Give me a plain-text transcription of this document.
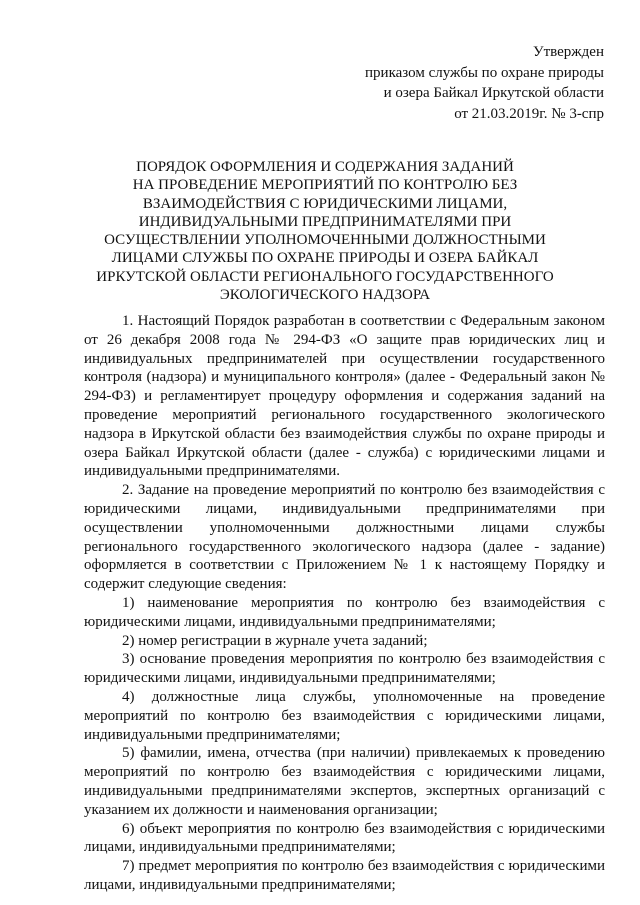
Утвержден
приказом службы по охране природы
и озера Байкал Иркутской области
от 21.03.2019г. № 3-спр
ПОРЯДОК ОФОРМЛЕНИЯ И СОДЕРЖАНИЯ ЗАДАНИЙ
НА ПРОВЕДЕНИЕ МЕРОПРИЯТИЙ ПО КОНТРОЛЮ БЕЗ
ВЗАИМОДЕЙСТВИЯ С ЮРИДИЧЕСКИМИ ЛИЦАМИ,
ИНДИВИДУАЛЬНЫМИ ПРЕДПРИНИМАТЕЛЯМИ ПРИ
ОСУЩЕСТВЛЕНИИ УПОЛНОМОЧЕННЫМИ ДОЛЖНОСТНЫМИ
ЛИЦАМИ СЛУЖБЫ ПО ОХРАНЕ ПРИРОДЫ И ОЗЕРА БАЙКАЛ
ИРКУТСКОЙ ОБЛАСТИ РЕГИОНАЛЬНОГО ГОСУДАРСТВЕННОГО
ЭКОЛОГИЧЕСКОГО НАДЗОРА

1. Настоящий Порядок разработан в соответствии с Федеральным законом от 26 декабря 2008 года № 294-ФЗ «О защите прав юридических лиц и индивидуальных предпринимателей при осуществлении государственного контроля (надзора) и муниципального контроля» (далее - Федеральный закон № 294-ФЗ) и регламентирует процедуру оформления и содержания заданий на проведение мероприятий регионального государственного экологического надзора в Иркутской области без взаимодействия службы по охране природы и озера Байкал Иркутской области (далее - служба) с юридическими лицами и индивидуальными предпринимателями.

2. Задание на проведение мероприятий по контролю без взаимодействия с юридическими лицами, индивидуальными предпринимателями при осуществлении уполномоченными должностными лицами службы регионального государственного экологического надзора (далее - задание) оформляется в соответствии с Приложением № 1 к настоящему Порядку и содержит следующие сведения:

1) наименование мероприятия по контролю без взаимодействия с юридическими лицами, индивидуальными предпринимателями;

2) номер регистрации в журнале учета заданий;

3) основание проведения мероприятия по контролю без взаимодействия с юридическими лицами, индивидуальными предпринимателями;

4) должностные лица службы, уполномоченные на проведение мероприятий по контролю без взаимодействия с юридическими лицами, индивидуальными предпринимателями;

5) фамилии, имена, отчества (при наличии) привлекаемых к проведению мероприятий по контролю без взаимодействия с юридическими лицами, индивидуальными предпринимателями экспертов, экспертных организаций с указанием их должности и наименования организации;

6) объект мероприятия по контролю без взаимодействия с юридическими лицами, индивидуальными предпринимателями;

7) предмет мероприятия по контролю без взаимодействия с юридическими лицами, индивидуальными предпринимателями;
